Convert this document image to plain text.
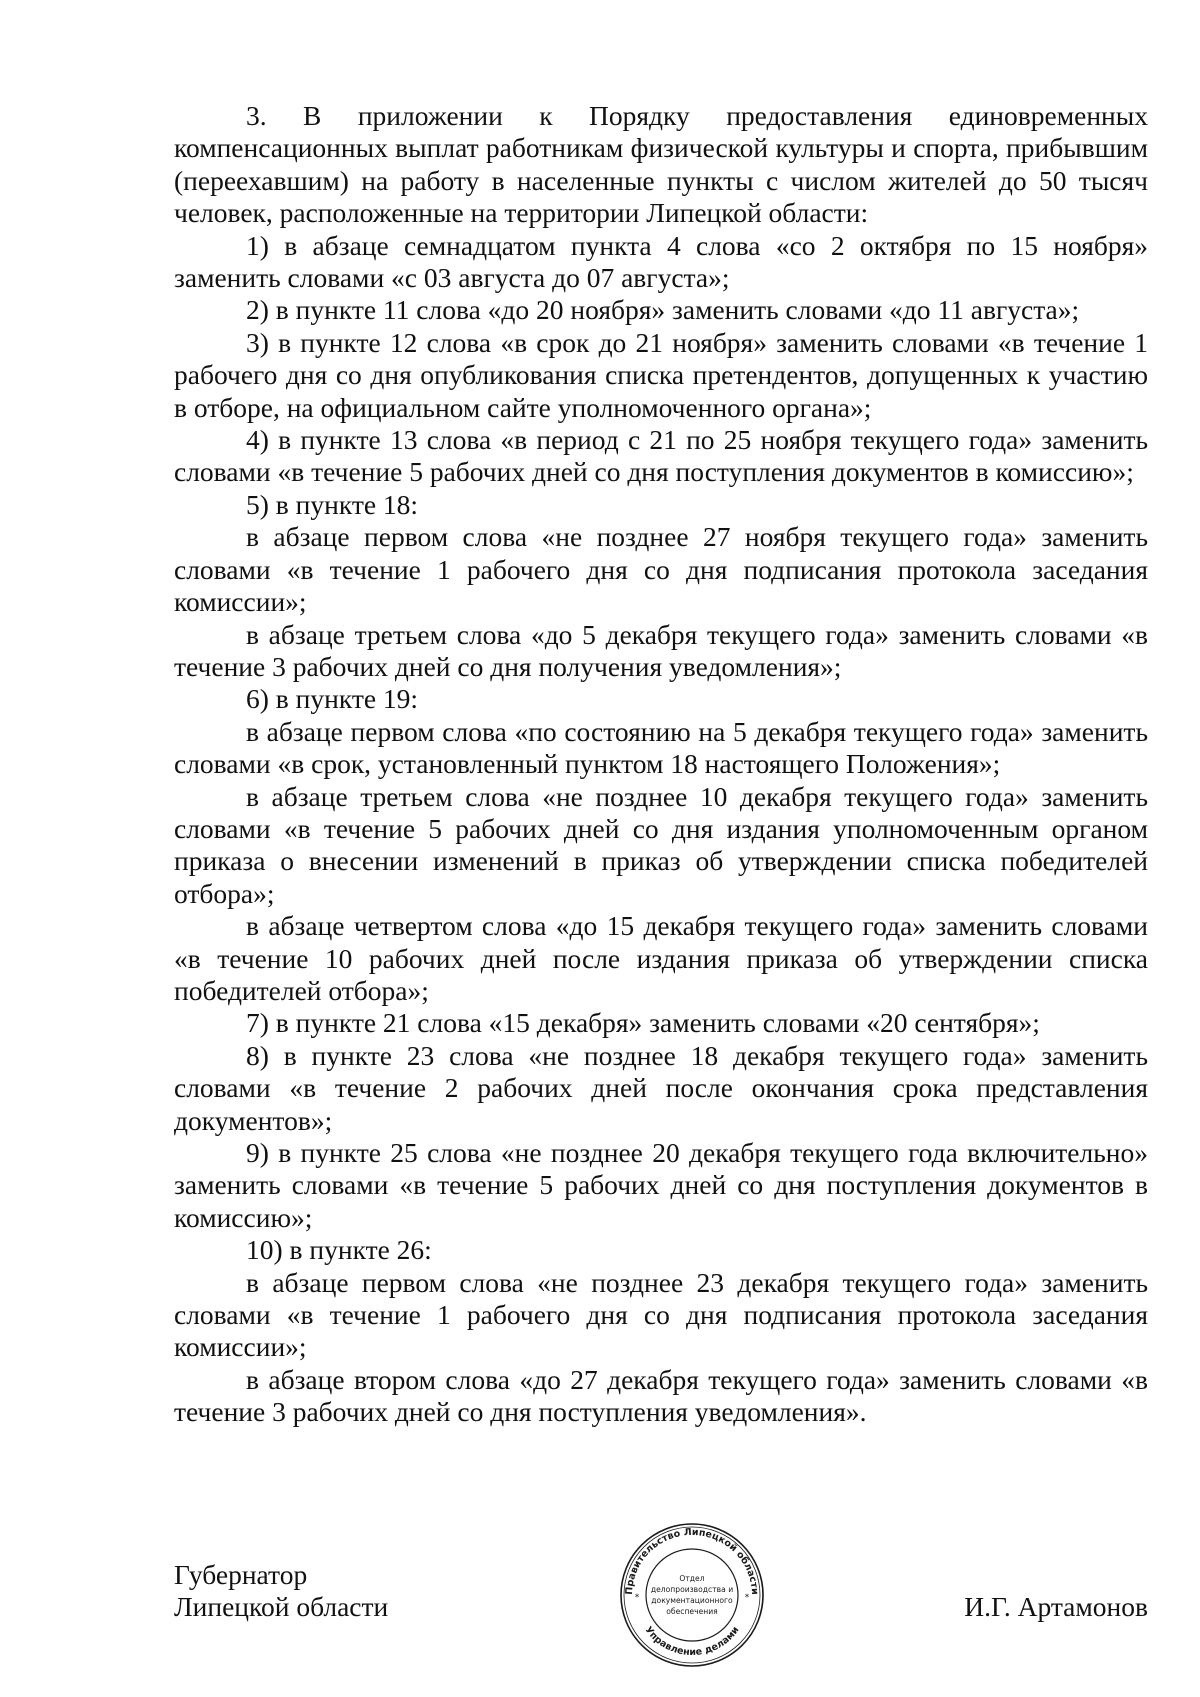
3. В приложении к Порядку предоставления единовременных компенсационных выплат работникам физической культуры и спорта, прибывшим (переехавшим) на работу в населенные пункты с числом жителей до 50 тысяч человек, расположенные на территории Липецкой области:

1) в абзаце семнадцатом пункта 4 слова «со 2 октября по 15 ноября» заменить словами «с 03 августа до 07 августа»;

2) в пункте 11 слова «до 20 ноября» заменить словами «до 11 августа»;

3) в пункте 12 слова «в срок до 21 ноября» заменить словами «в течение 1 рабочего дня со дня опубликования списка претендентов, допущенных к участию в отборе, на официальном сайте уполномоченного органа»;

4) в пункте 13 слова «в период с 21 по 25 ноября текущего года» заменить словами «в течение 5 рабочих дней со дня поступления документов в комиссию»;

5) в пункте 18:

в абзаце первом слова «не позднее 27 ноября текущего года» заменить словами «в течение 1 рабочего дня со дня подписания протокола заседания комиссии»;

в абзаце третьем слова «до 5 декабря текущего года» заменить словами «в течение 3 рабочих дней со дня получения уведомления»;

6) в пункте 19:

в абзаце первом слова «по состоянию на 5 декабря текущего года» заменить словами «в срок, установленный пунктом 18 настоящего Положения»;

в абзаце третьем слова «не позднее 10 декабря текущего года» заменить словами «в течение 5 рабочих дней со дня издания уполномоченным органом приказа о внесении изменений в приказ об утверждении списка победителей отбора»;

в абзаце четвертом слова «до 15 декабря текущего года» заменить словами «в течение 10 рабочих дней после издания приказа об утверждении списка победителей отбора»;

7) в пункте 21 слова «15 декабря» заменить словами «20 сентября»;

8) в пункте 23 слова «не позднее 18 декабря текущего года» заменить словами «в течение 2 рабочих дней после окончания срока представления документов»;

9) в пункте 25 слова «не позднее 20 декабря текущего года включительно» заменить словами «в течение 5 рабочих дней со дня поступления документов в комиссию»;

10) в пункте 26:

в абзаце первом слова «не позднее 23 декабря текущего года» заменить словами «в течение 1 рабочего дня со дня подписания протокола заседания комиссии»;

в абзаце втором слова «до 27 декабря текущего года» заменить словами «в течение 3 рабочих дней со дня поступления уведомления».

Губернатор
Липецкой области
Правительство Липецкой области
Управление делами
*	*
Отдел
делопроизводства и
документационного
обеспечения	И.Г. Артамонов
